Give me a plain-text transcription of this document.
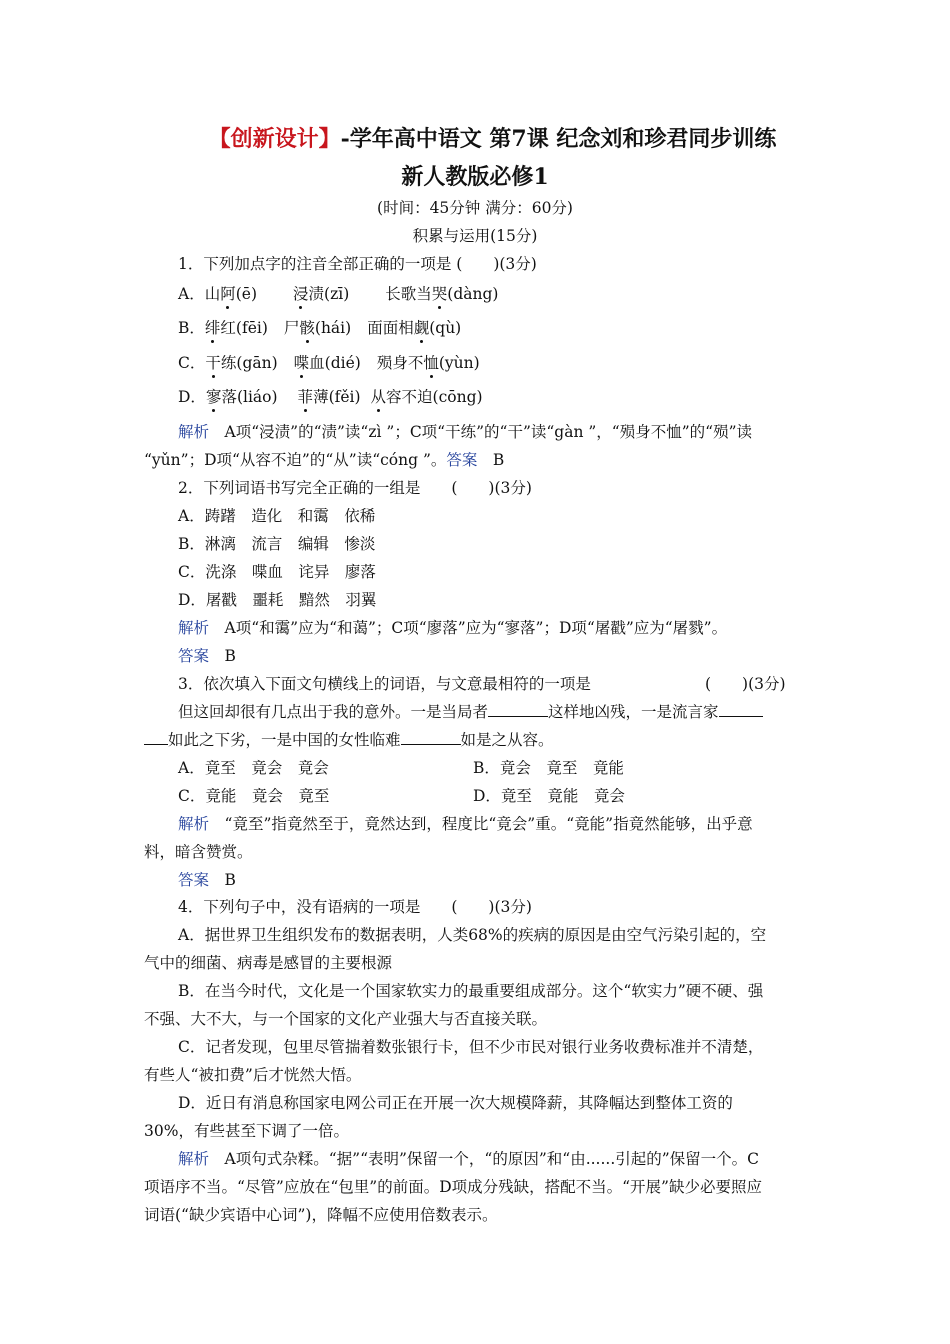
【创新设计】-学年高中语文 第7课 纪念刘和珍君同步训练
新人教版必修1
(时间：45分钟 满分：60分)
积累与运用(15分)
1．下列加点字的注音全部正确的一项是 (　　)(3分)
A．山阿(ē) 浸渍(zī) 长歌当哭(dàng)
B．绯红(fēi) 尸骸(hái) 面面相觑(qù)
C．干练(gān) 喋血(dié) 殒身不恤(yùn)
D．寥落(liáo) 菲薄(fěi) 从容不迫(cōng)
解析　 A项“浸渍”的“渍”读“zì ”；C项“干练”的“干”读“gàn ”，“殒身不恤”的“殒”读
“yǔn”；D项“从容不迫”的“从”读“cóng ”。答案　 B
2．下列词语书写完全正确的一组是　　(　　)(3分)
A．踌躇　造化　和霭　依稀
B．淋漓　流言　编辑　惨淡
C．洗涤　喋血　诧异　廖落
D．屠戳　噩耗　黯然　羽翼
解析　 A项“和霭”应为“和蔼”；C项“廖落”应为“寥落”；D项“屠戳”应为“屠戮”。
答案　 B
3．依次填入下面文句横线上的词语，与文意最相符的一项是	(　　)(3分)
但这回却很有几点出于我的意外。一是当局者	这样地凶残，一是流言家
如此之下劣，一是中国的女性临难	如是之从容。
A．竟至　竟会　竟会	B．竟会　竟至　竟能
C．竟能　竟会　竟至	D．竟至　竟能　竟会
解析　 “竟至”指竟然至于，竟然达到，程度比“竟会”重。“竟能”指竟然能够，出乎意
料，暗含赞赏。
答案　 B
4．下列句子中，没有语病的一项是　　(　　)(3分)
A．据世界卫生组织发布的数据表明，人类68%的疾病的原因是由空气污染引起的，空
气中的细菌、病毒是感冒的主要根源
B．在当今时代，文化是一个国家软实力的最重要组成部分。这个“软实力”硬不硬、强
不强、大不大，与一个国家的文化产业强大与否直接关联。
C．记者发现，包里尽管揣着数张银行卡，但不少市民对银行业务收费标准并不清楚，
有些人“被扣费”后才恍然大悟。
D．近日有消息称国家电网公司正在开展一次大规模降薪，其降幅达到整体工资的
30%，有些甚至下调了一倍。
解析　 A项句式杂糅。“据”“表明”保留一个，“的原因”和“由......引起的”保留一个。C
项语序不当。“尽管”应放在“包里”的前面。D项成分残缺，搭配不当。“开展”缺少必要照应
词语(“缺少宾语中心词”)，降幅不应使用倍数表示。
